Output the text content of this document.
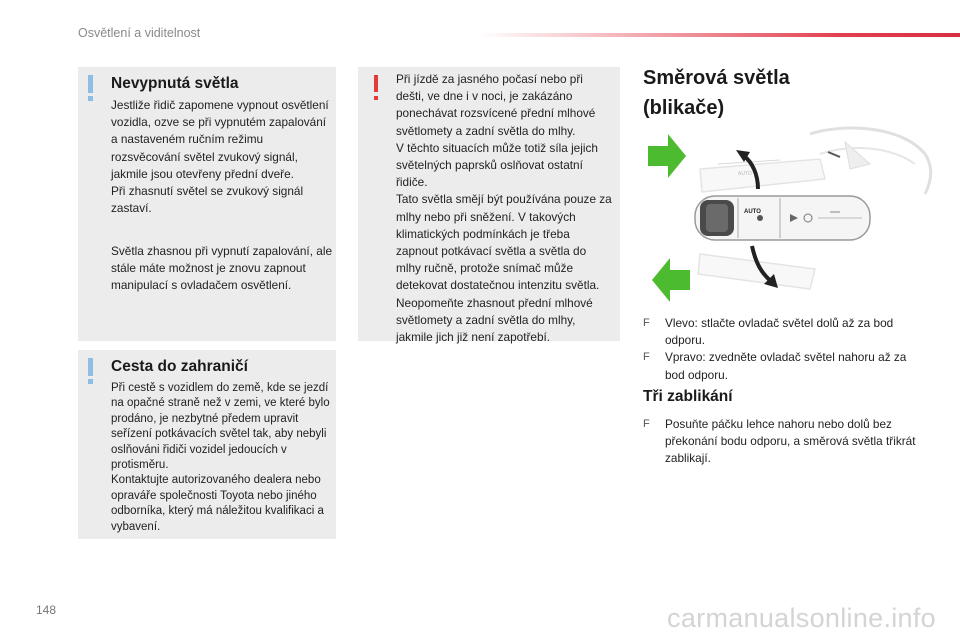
Osvětlení a viditelnost
Nevypnutá světla

Jestliže řidič zapomene vypnout osvětlení vozidla, ozve se při vypnutém zapalování a nastaveném ručním režimu rozsvěcování světel zvukový signál, jakmile jsou otevřeny přední dveře.

Při zhasnutí světel se zvukový signál zastaví.

Světla zhasnou při vypnutí zapalování, ale stále máte možnost je znovu zapnout manipulací s ovladačem osvětlení.

Cesta do zahraničí

Při cestě s vozidlem do země, kde se jezdí na opačné straně než v zemi, ve které bylo prodáno, je nezbytné předem upravit seřízení potkávacích světel tak, aby nebyli oslňováni řidiči vozidel jedoucích v protisměru.

Kontaktujte autorizovaného dealera nebo opraváře společnosti Toyota nebo jiného odborníka, který má náležitou kvalifikaci a vybavení.

Při jízdě za jasného počasí nebo při dešti, ve dne i v noci, je zakázáno ponechávat rozsvícené přední mlhové světlomety a zadní světla do mlhy.

V těchto situacích může totiž síla jejich světelných paprsků oslňovat ostatní řidiče.

Tato světla smějí být používána pouze za mlhy nebo při sněžení. V takových klimatických podmínkách je třeba zapnout potkávací světla a světla do mlhy ručně, protože snímač může detekovat dostatečnou intenzitu světla.

Neopomeňte zhasnout přední mlhové světlomety a zadní světla do mlhy, jakmile jich již není zapotřebí.

Směrová světla (blikače)
AUTO
AUTO
F Vlevo: stlačte ovladač světel dolů až za bod odporu.
F Vpravo: zvedněte ovladač světel nahoru až za bod odporu.
Tři zablikání
F Posuňte páčku lehce nahoru nebo dolů bez překonání bodu odporu, a směrová světla třikrát zablikají.
148	carmanualsonline.info
